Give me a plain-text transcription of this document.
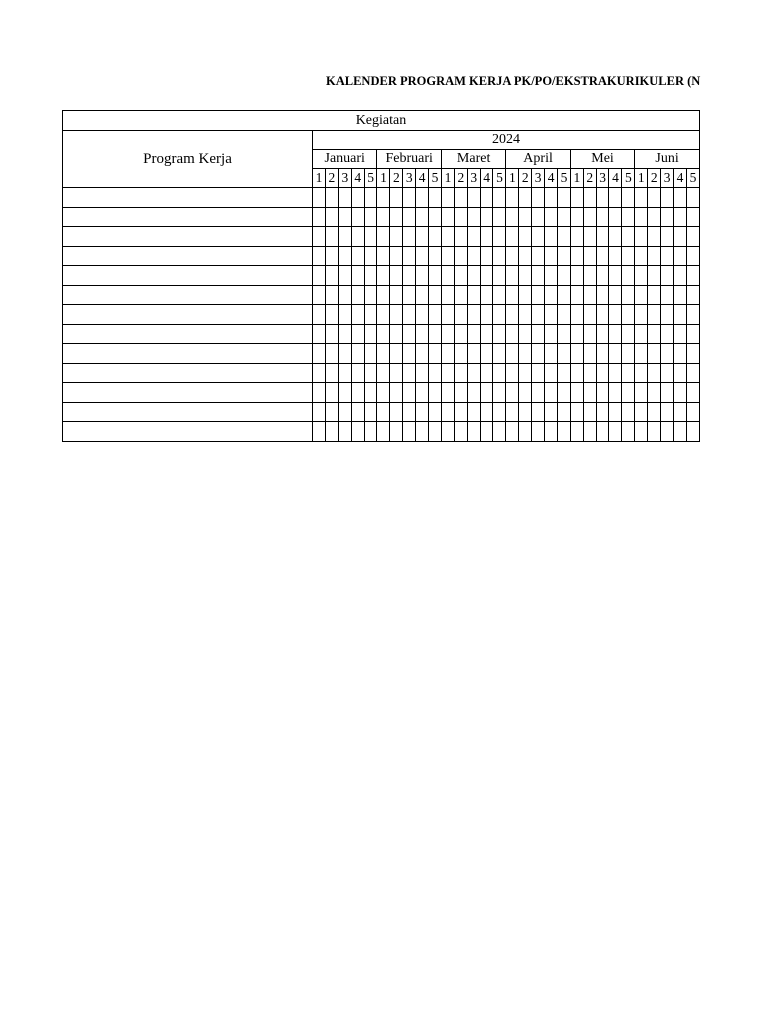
KALENDER PROGRAM KERJA PK/PO/EKSTRAKURIKULER (N
Kegiatan																														
Program Kerja	2024																													
	Januari					Februari					Maret					April					Mei					Juni				
	1	2	3	4	5	1	2	3	4	5	1	2	3	4	5	1	2	3	4	5	1	2	3	4	5	1	2	3	4	5
